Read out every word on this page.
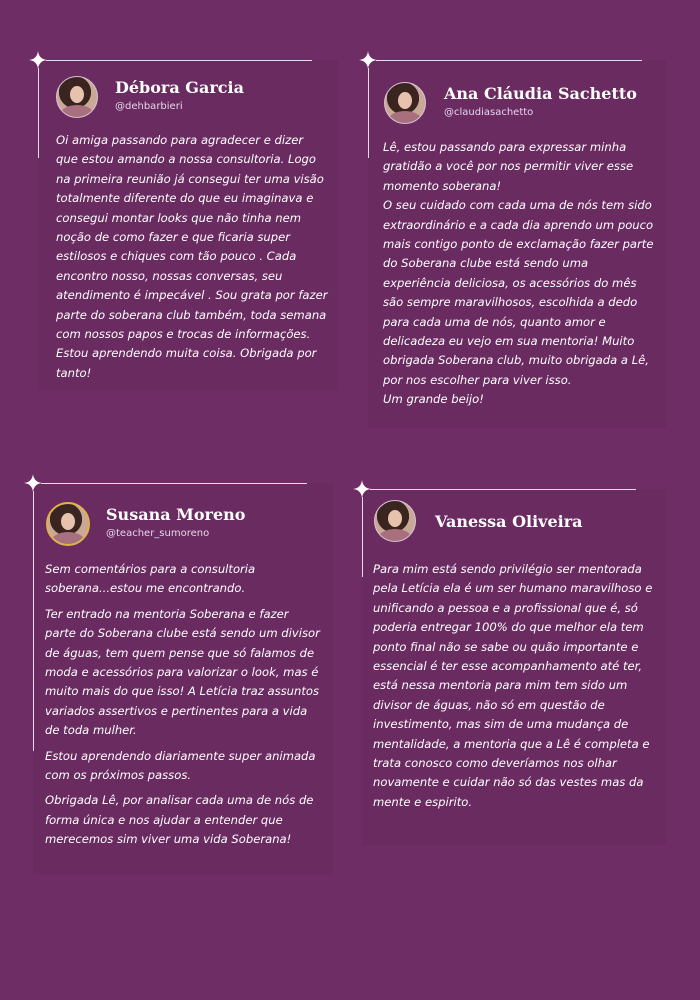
Débora Garcia
@dehbarbieri

Oi amiga passando para agradecer e dizer que estou amando a nossa consultoria. Logo na primeira reunião já consegui ter uma visão totalmente diferente do que eu imaginava e consegui montar looks que não tinha nem noção de como fazer e que ficaria super estilosos e chiques com tão pouco . Cada encontro nosso, nossas conversas, seu atendimento é impecável . Sou grata por fazer parte do soberana club também, toda semana com nossos papos e trocas de informações. Estou aprendendo muita coisa. Obrigada por tanto!

Ana Cláudia Sachetto
@claudiasachetto

Lê, estou passando para expressar minha gratidão a você por nos permitir viver esse momento soberana!

O seu cuidado com cada uma de nós tem sido extraordinário e a cada dia aprendo um pouco mais contigo ponto de exclamação fazer parte do Soberana clube está sendo uma experiência deliciosa, os acessórios do mês são sempre maravilhosos, escolhida a dedo para cada uma de nós, quanto amor e delicadeza eu vejo em sua mentoria! Muito obrigada Soberana club, muito obrigada a Lê, por nos escolher para viver isso.

Um grande beijo!

Susana Moreno
@teacher_sumoreno

Sem comentários para a consultoria soberana...estou me encontrando.

Ter entrado na mentoria Soberana e fazer parte do Soberana clube está sendo um divisor de águas, tem quem pense que só falamos de moda e acessórios para valorizar o look, mas é muito mais do que isso! A Letícia traz assuntos variados assertivos e pertinentes para a vida de toda mulher.

Estou aprendendo diariamente super animada com os próximos passos.

Obrigada Lê, por analisar cada uma de nós de forma única e nos ajudar a entender que merecemos sim viver uma vida Soberana!

Vanessa Oliveira

Para mim está sendo privilégio ser mentorada pela Letícia ela é um ser humano maravilhoso e unificando a pessoa e a profissional que é, só poderia entregar 100% do que melhor ela tem ponto final não se sabe ou quão importante e essencial é ter esse acompanhamento até ter, está nessa mentoria para mim tem sido um divisor de águas, não só em questão de investimento, mas sim de uma mudança de mentalidade, a mentoria que a Lê é completa e trata conosco como deveríamos nos olhar novamente e cuidar não só das vestes mas da mente e espirito.
